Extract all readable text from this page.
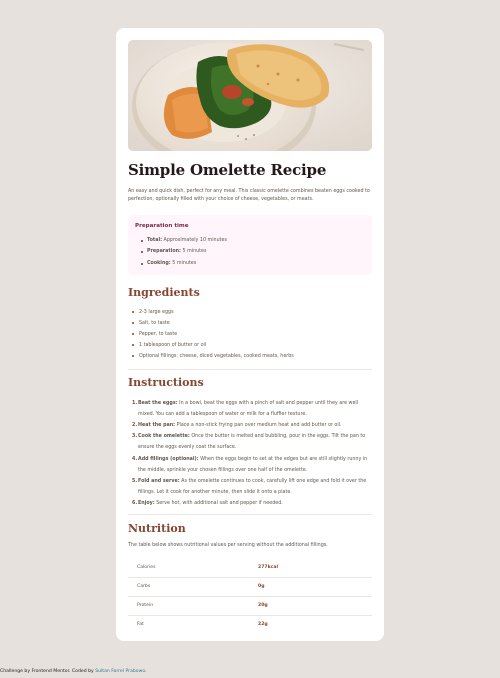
Simple Omelette Recipe

An easy and quick dish, perfect for any meal. This classic omelette combines beaten eggs cooked to perfection, optionally filled with your choice of cheese, vegetables, or meats.

Preparation time
Total: Approximately 10 minutes
Preparation: 5 minutes
Cooking: 5 minutes
Ingredients
2-3 large eggs
Salt, to taste
Pepper, to taste
1 tablespoon of butter or oil
Optional fillings: cheese, diced vegetables, cooked meats, herbs
Instructions
1. Beat the eggs: In a bowl, beat the eggs with a pinch of salt and pepper until they are well mixed. You can add a tablespoon of water or milk for a fluffier texture.
2. Heat the pan: Place a non-stick frying pan over medium heat and add butter or oil.
3. Cook the omelette: Once the butter is melted and bubbling, pour in the eggs. Tilt the pan to ensure the eggs evenly coat the surface.
4. Add fillings (optional): When the eggs begin to set at the edges but are still slightly runny in the middle, sprinkle your chosen fillings over one half of the omelette.
5. Fold and serve: As the omelette continues to cook, carefully lift one edge and fold it over the fillings. Let it cook for another minute, then slide it onto a plate.
6. Enjoy: Serve hot, with additional salt and pepper if needed.
Nutrition

The table below shows nutritional values per serving without the additional fillings.

Calories	277kcal
Carbs	0g
Protein	20g
Fat	22g
Challenge by Frontend Mentor. Coded by Sultan Farrel Prabowo.
